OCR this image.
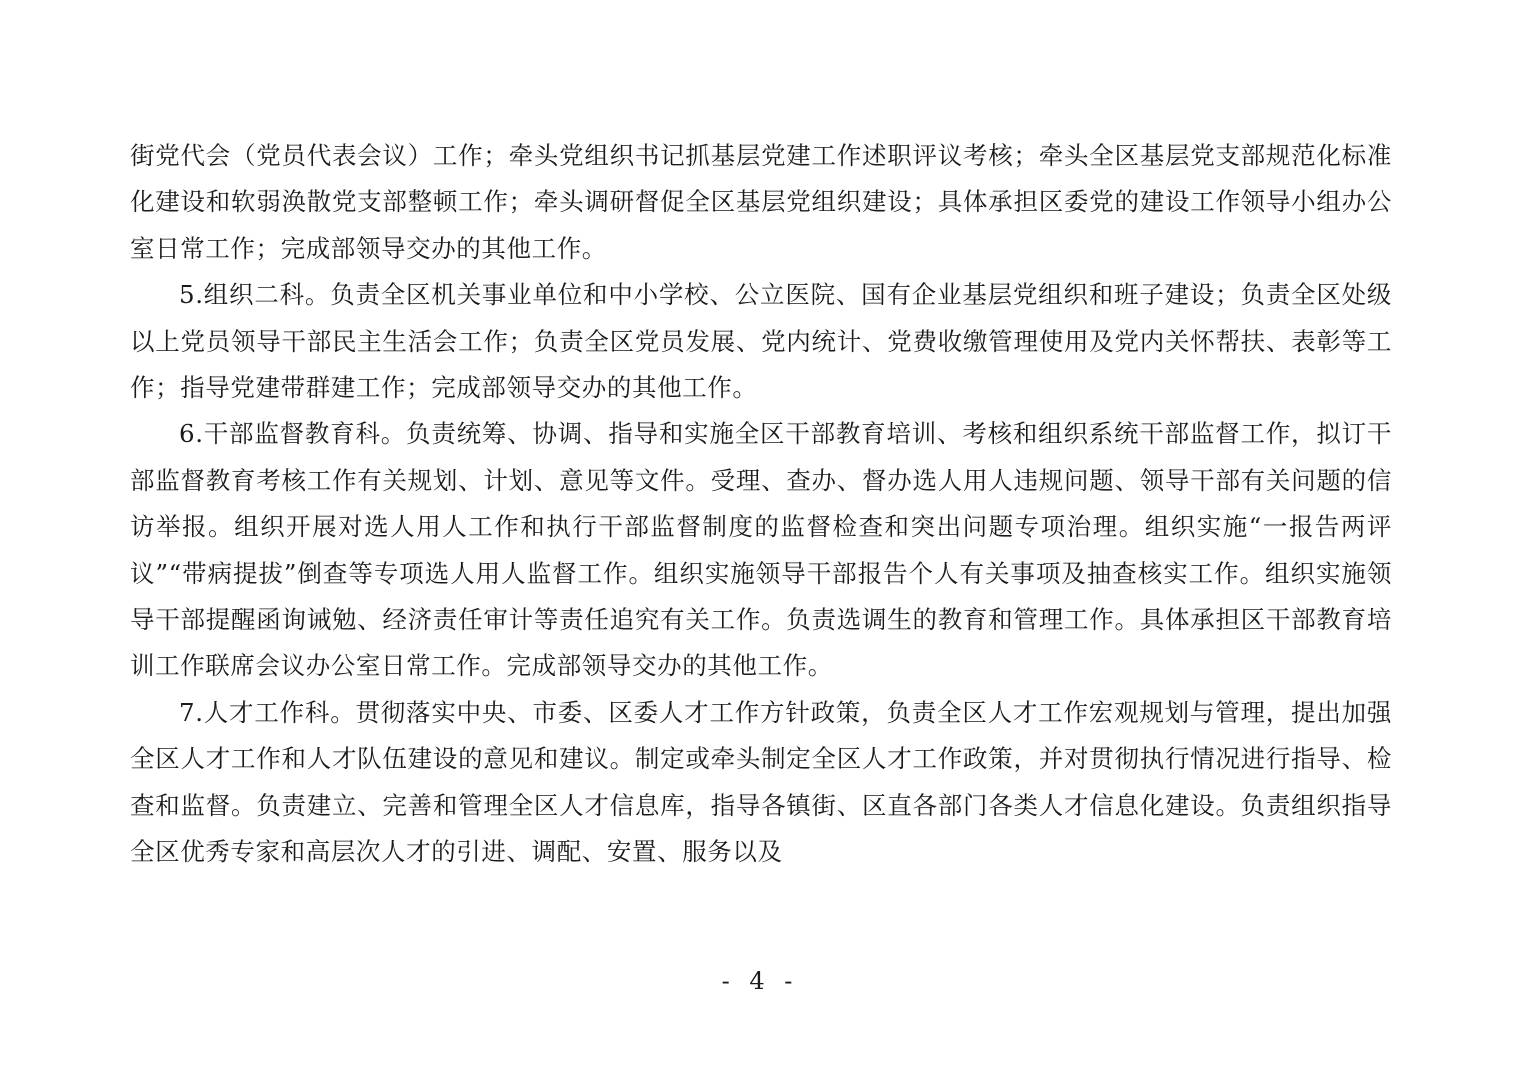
街党代会（党员代表会议）工作；牵头党组织书记抓基层党建工作述职评议考核；牵头全区基层党支部规范化标准化建设和软弱涣散党支部整顿工作；牵头调研督促全区基层党组织建设；具体承担区委党的建设工作领导小组办公室日常工作；完成部领导交办的其他工作。

5.组织二科。负责全区机关事业单位和中小学校、公立医院、国有企业基层党组织和班子建设；负责全区处级以上党员领导干部民主生活会工作；负责全区党员发展、党内统计、党费收缴管理使用及党内关怀帮扶、表彰等工作；指导党建带群建工作；完成部领导交办的其他工作。

6.干部监督教育科。负责统筹、协调、指导和实施全区干部教育培训、考核和组织系统干部监督工作，拟订干部监督教育考核工作有关规划、计划、意见等文件。受理、查办、督办选人用人违规问题、领导干部有关问题的信访举报。组织开展对选人用人工作和执行干部监督制度的监督检查和突出问题专项治理。组织实施“一报告两评议”“带病提拔”倒查等专项选人用人监督工作。组织实施领导干部报告个人有关事项及抽查核实工作。组织实施领导干部提醒函询诫勉、经济责任审计等责任追究有关工作。负责选调生的教育和管理工作。具体承担区干部教育培训工作联席会议办公室日常工作。完成部领导交办的其他工作。

7.人才工作科。贯彻落实中央、市委、区委人才工作方针政策，负责全区人才工作宏观规划与管理，提出加强全区人才工作和人才队伍建设的意见和建议。制定或牵头制定全区人才工作政策，并对贯彻执行情况进行指导、检查和监督。负责建立、完善和管理全区人才信息库，指导各镇街、区直各部门各类人才信息化建设。负责组织指导全区优秀专家和高层次人才的引进、调配、安置、服务以及

- 4 -
